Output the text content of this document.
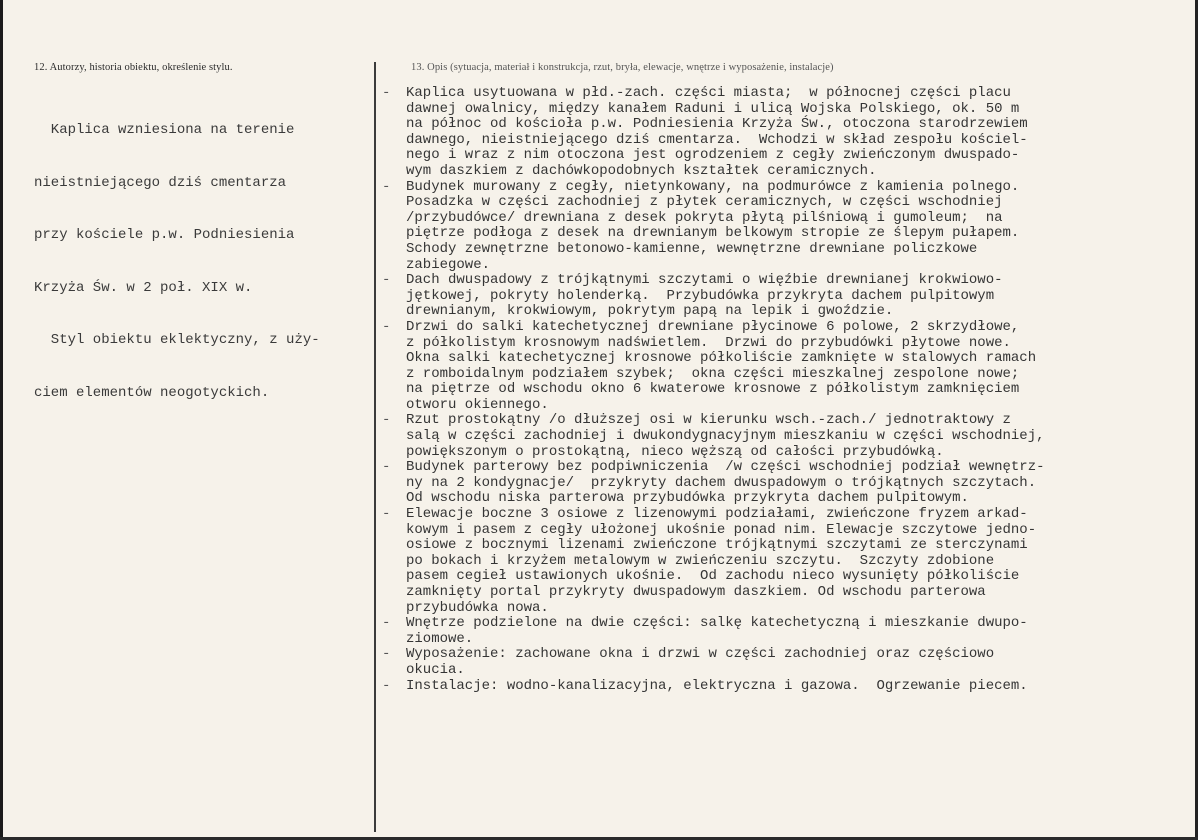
12. Autorzy, historia obiektu, określenie stylu.	13. Opis (sytuacja, materiał i konstrukcja, rzut, bryła, elewacje, wnętrze i wyposażenie, instalacje)

Kaplica wzniesiona na terenie

nieistniejącego dziś cmentarza

przy kościele p.w. Podniesienia

Krzyża Św. w 2 poł. XIX w.

Styl obiektu eklektyczny, z uży-

ciem elementów neogotyckich.

-	Kaplica usytuowana w płd.-zach. części miasta;  w północnej części placu
dawnej owalnicy, między kanałem Raduni i ulicą Wojska Polskiego, ok. 50 m
na północ od kościoła p.w. Podniesienia Krzyża Św., otoczona starodrzewiem
dawnego, nieistniejącego dziś cmentarza.  Wchodzi w skład zespołu kościel-
nego i wraz z nim otoczona jest ogrodzeniem z cegły zwieńczonym dwuspado-
wym daszkiem z dachówkopodobnych kształtek ceramicznych.
-	Budynek murowany z cegły, nietynkowany, na podmurówce z kamienia polnego.
Posadzka w części zachodniej z płytek ceramicznych, w części wschodniej
/przybudówce/ drewniana z desek pokryta płytą pilśniową i gumoleum;  na
piętrze podłoga z desek na drewnianym belkowym stropie ze ślepym pułapem.
Schody zewnętrzne betonowo-kamienne, wewnętrzne drewniane policzkowe
zabiegowe.
-	Dach dwuspadowy z trójkątnymi szczytami o więźbie drewnianej krokwiowo-
jętkowej, pokryty holenderką.  Przybudówka przykryta dachem pulpitowym
drewnianym, krokwiowym, pokrytym papą na lepik i gwoździe.
-	Drzwi do salki katechetycznej drewniane płycinowe 6 polowe, 2 skrzydłowe,
z półkolistym krosnowym nadświetlem.  Drzwi do przybudówki płytowe nowe.
Okna salki katechetycznej krosnowe półkoliście zamknięte w stalowych ramach
z romboidalnym podziałem szybek;  okna części mieszkalnej zespolone nowe;
na piętrze od wschodu okno 6 kwaterowe krosnowe z półkolistym zamknięciem
otworu okiennego.
-	Rzut prostokątny /o dłuższej osi w kierunku wsch.-zach./ jednotraktowy z
salą w części zachodniej i dwukondygnacyjnym mieszkaniu w części wschodniej,
powiększonym o prostokątną, nieco węższą od całości przybudówką.
-	Budynek parterowy bez podpiwniczenia  /w części wschodniej podział wewnętrz-
ny na 2 kondygnacje/  przykryty dachem dwuspadowym o trójkątnych szczytach.
Od wschodu niska parterowa przybudówka przykryta dachem pulpitowym.
-	Elewacje boczne 3 osiowe z lizenowymi podziałami, zwieńczone fryzem arkad-
kowym i pasem z cegły ułożonej ukośnie ponad nim. Elewacje szczytowe jedno-
osiowe z bocznymi lizenami zwieńczone trójkątnymi szczytami ze sterczynami
po bokach i krzyżem metalowym w zwieńczeniu szczytu.  Szczyty zdobione
pasem cegieł ustawionych ukośnie.  Od zachodu nieco wysunięty półkoliście
zamknięty portal przykryty dwuspadowym daszkiem. Od wschodu parterowa
przybudówka nowa.
-	Wnętrze podzielone na dwie części: salkę katechetyczną i mieszkanie dwupo-
ziomowe.
-	Wyposażenie: zachowane okna i drzwi w części zachodniej oraz częściowo
okucia.
-	Instalacje: wodno-kanalizacyjna, elektryczna i gazowa.  Ogrzewanie piecem.
